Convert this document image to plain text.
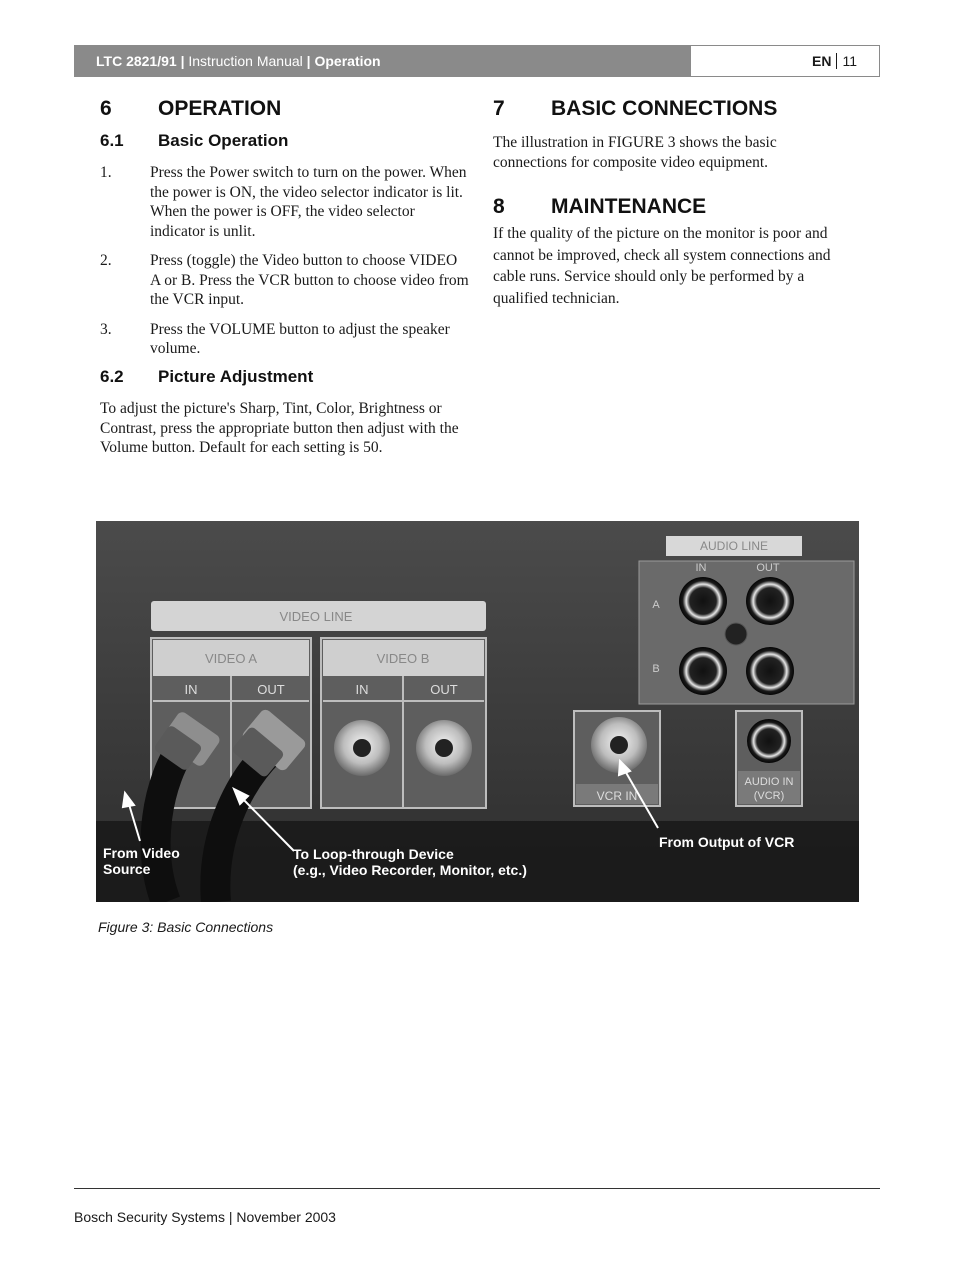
LTC 2821/91 | Instruction Manual | Operation	EN 11
6 OPERATION
6.1 Basic Operation
1. Press the Power switch to turn on the power. When the power is ON, the video selector indicator is lit. When the power is OFF, the video selector indicator is unlit.
2. Press (toggle) the Video button to choose VIDEO A or B. Press the VCR button to choose video from the VCR input.
3. Press the VOLUME button to adjust the speaker volume.
6.2 Picture Adjustment

To adjust the picture's Sharp, Tint, Color, Brightness or Contrast, press the appropriate button then adjust with the Volume button. Default for each setting is 50.

7 BASIC CONNECTIONS

The illustration in FIGURE 3 shows the basic connections for composite video equipment.

8 MAINTENANCE

If the quality of the picture on the monitor is poor and cannot be improved, check all system connections and cable runs. Service should only be performed by a qualified technician.

AUDIO LINE
IN	OUT
A
B
VIDEO LINE
VIDEO A
IN	OUT
VIDEO B
IN	OUT
VCR IN
AUDIO IN
(VCR)
From Video
Source
To Loop-through Device
(e.g., Video Recorder, Monitor, etc.)
From Output of VCR
Figure 3: Basic Connections
Bosch Security Systems | November 2003
